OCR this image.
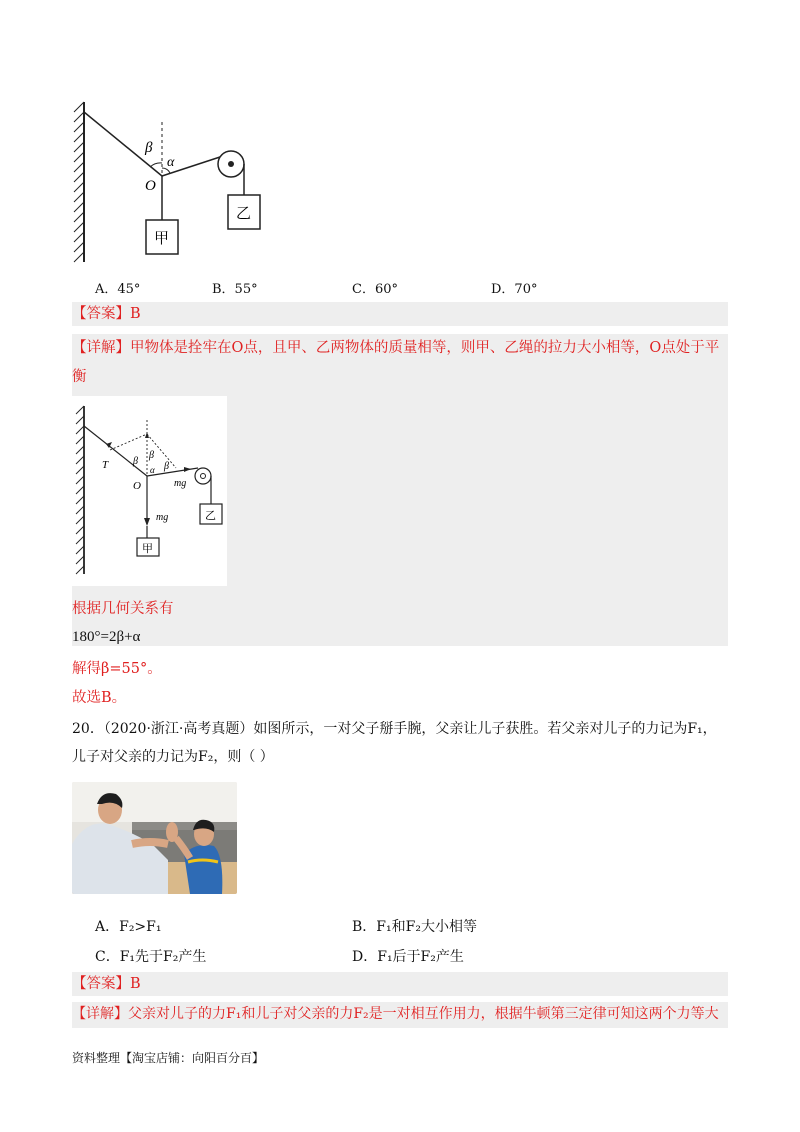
β
α
O
甲
乙
A．45°	B．55°	C．60°	D．70°
【答案】B
【详解】甲物体是拴牢在O点，且甲、乙两物体的质量相等，则甲、乙绳的拉力大小相等，O点处于平衡
乙
甲
T β
β
β
α
O	mg
mg
根据几何关系有
180°=2β+α
解得β=55°。
故选B。
20．（2020·浙江·高考真题）如图所示，一对父子掰手腕，父亲让儿子获胜。若父亲对儿子的力记为F₁，
儿子对父亲的力记为F₂，则（ ）
A．F₂>F₁	B．F₁和F₂大小相等
C．F₁先于F₂产生	D．F₁后于F₂产生
【答案】B
【详解】父亲对儿子的力F₁和儿子对父亲的力F₂是一对相互作用力，根据牛顿第三定律可知这两个力等大
资料整理【淘宝店铺：向阳百分百】
